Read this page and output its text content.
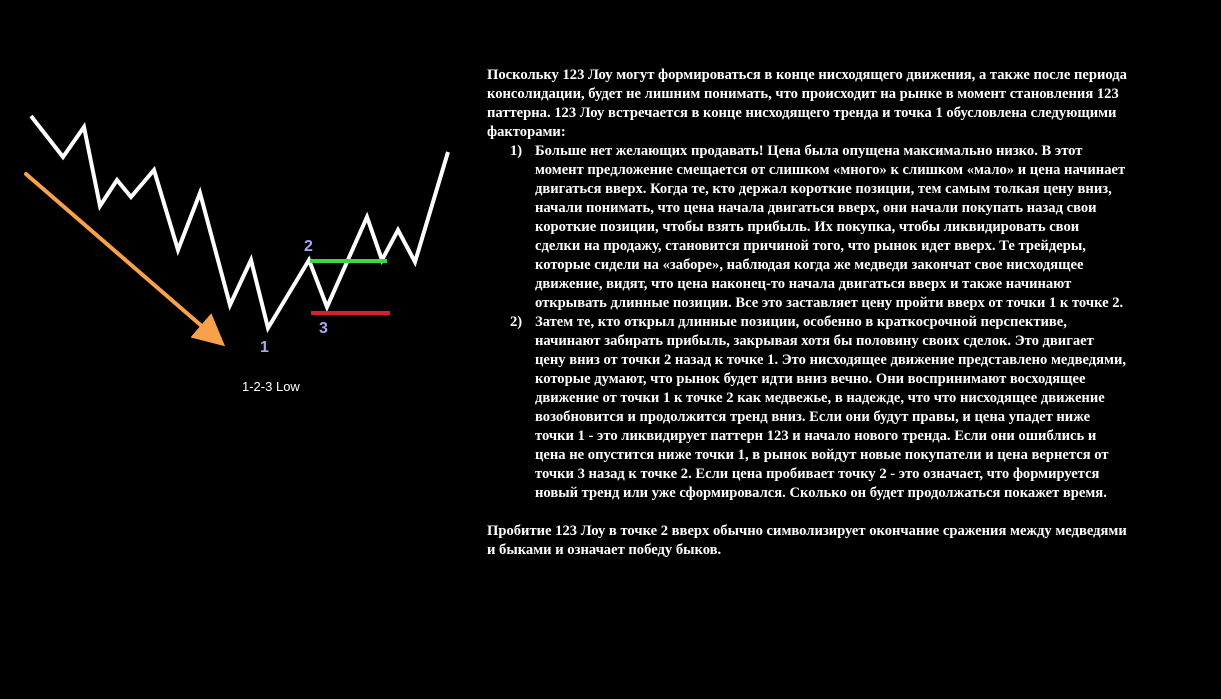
1
2
3
1-2-3 Low

Поскольку 123 Лоу могут формироваться в конце нисходящего движения, а также после периода консолидации, будет не лишним понимать, что происходит на рынке в момент становления 123 паттерна. 123 Лоу встречается в конце нисходящего тренда и точка 1 обусловлена следующими факторами:

1) Больше нет желающих продавать! Цена была опущена максимально низко. В этот момент предложение смещается от слишком «много» к слишком «мало» и цена начинает двигаться вверх. Когда те, кто держал короткие позиции, тем самым толкая цену вниз, начали понимать, что цена начала двигаться вверх, они начали покупать назад свои короткие позиции, чтобы взять прибыль. Их покупка, чтобы ликвидировать свои сделки на продажу, становится причиной того, что рынок идет вверх. Те трейдеры, которые сидели на «заборе», наблюдая когда же медведи закончат свое нисходящее движение, видят, что цена наконец-то начала двигаться вверх и также начинают открывать длинные позиции. Все это заставляет цену пройти вверх от точки 1 к точке 2.
2) Затем те, кто открыл длинные позиции, особенно в краткосрочной перспективе, начинают забирать прибыль, закрывая хотя бы половину своих сделок. Это двигает цену вниз от точки 2 назад к точке 1. Это нисходящее движение представлено медведями, которые думают, что рынок будет идти вниз вечно. Они воспринимают восходящее движение от точки 1 к точке 2 как медвежье, в надежде, что что нисходящее движение возобновится и продолжится тренд вниз. Если они будут правы, и цена упадет ниже точки 1 - это ликвидирует паттерн 123 и начало нового тренда. Если они ошиблись и цена не опустится ниже точки 1, в рынок войдут новые покупатели и цена вернется от точки 3 назад к точке 2. Если цена пробивает точку 2 - это означает, что формируется новый тренд или уже сформировался. Сколько он будет продолжаться покажет время.

Пробитие 123 Лоу в точке 2 вверх обычно символизирует окончание сражения между медведями и быками и означает победу быков.
